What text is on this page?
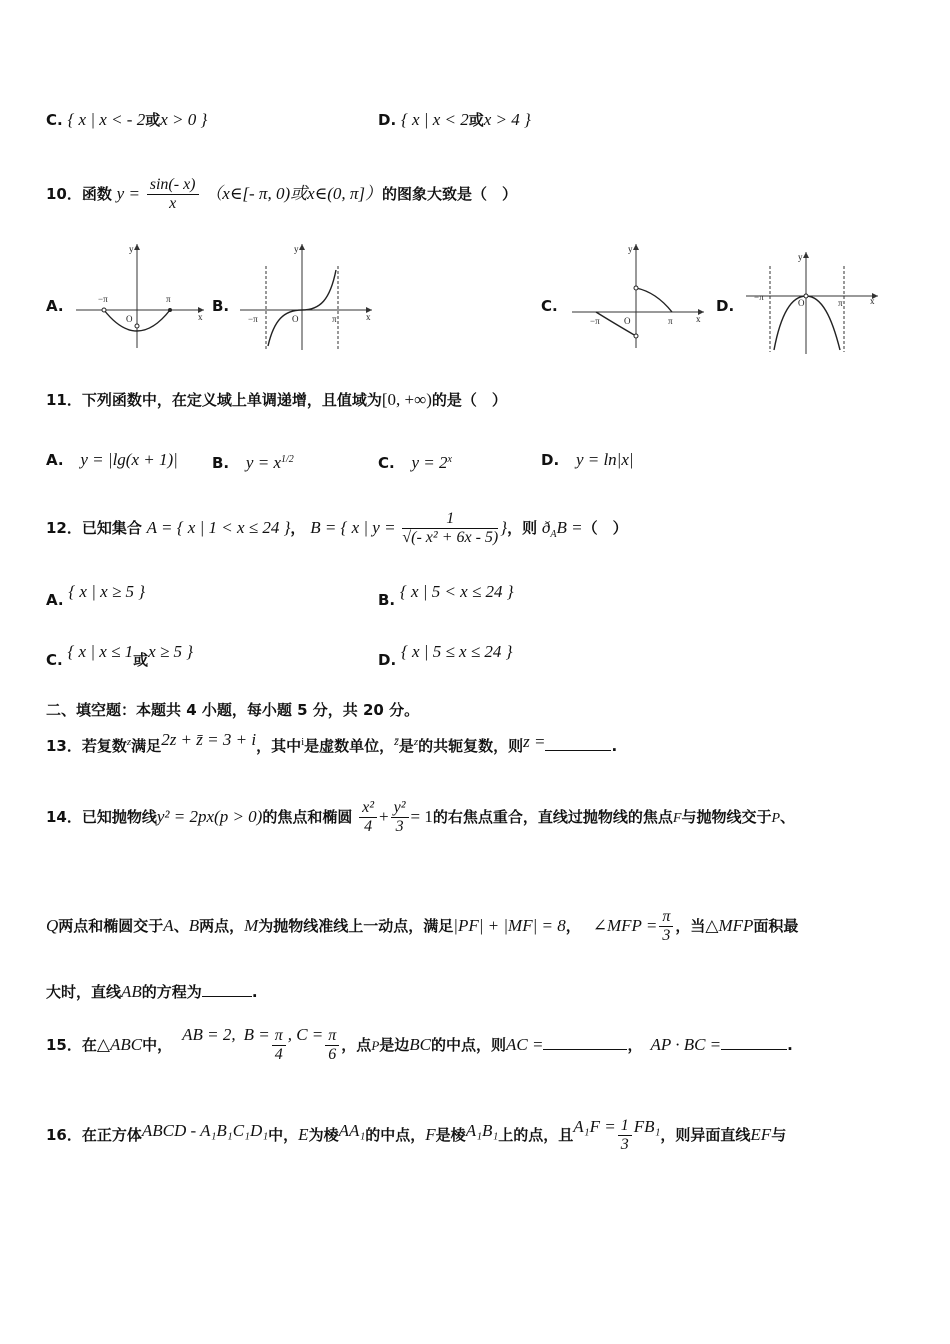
C. { x | x < - 2或x > 0 }	D. { x | x < 2或x > 4 }
10．函数 $y = \frac{\sin(- x)}{x}$ （x∈[- π, 0)或x∈(0, π]）的图象大致是（　）
A.	−π	π
O	x
y
B.
−π	π
O	x
y
C.
−π	π
O	x
y
D. −π
π
O	x
y
11．下列函数中，在定义域上单调递增，且值域为[0, +∞)的是（　）
A. y = |lg(x + 1)| B. $y = x^{1/2}$	C. $y = 2^x$	D. y = ln|x|
12．已知集合 A = { x | 1 < x ≤ 24 }， B = { x | $y = \frac{1}{\text{√(- x² + 6x - 5)}}$ }，则 $ð_AB$ =（　）
A. { x | x ≥ 5 }	B. { x | 5 < x ≤ 24 }
C. { x | x ≤ 1或x ≥ 5 }	D. { x | 5 ≤ x ≤ 24 }
二、填空题：本题共 4 小题，每小题 5 分，共 20 分。
13．若复数$^z$满足2z + z̄ = 3 + i，其中$^i$是虚数单位，$^{z̄}$是$^z$的共轭复数，则z =	.
14．已知抛物线y² = 2px(p > 0)的焦点和椭圆 $\frac{\text{x²}}{4} + \frac{\text{y²}}{3} = 1$的右焦点重合，直线过抛物线的焦点F与抛物线交于P、
Q两点和椭圆交于A、B两点，M为抛物线准线上一动点，满足|PF| + |MF| = 8， ∠MFP = $\frac{\pi}{3}$ ，当△MFP面积最
大时，直线AB的方程为	.
15．在△ABC中，AB = 2, $B = \frac{\pi}{4}$ , $C = \frac{\pi}{6}$ ，点P是边BC的中点，则AC =	， AP · BC =	.
16．在正方体ABCD - A₁B₁C₁D₁中，E为棱AA₁的中点，F是棱A₁B₁上的点，且$A_1F = \frac{1}{3} FB_1$，则异面直线EF与
